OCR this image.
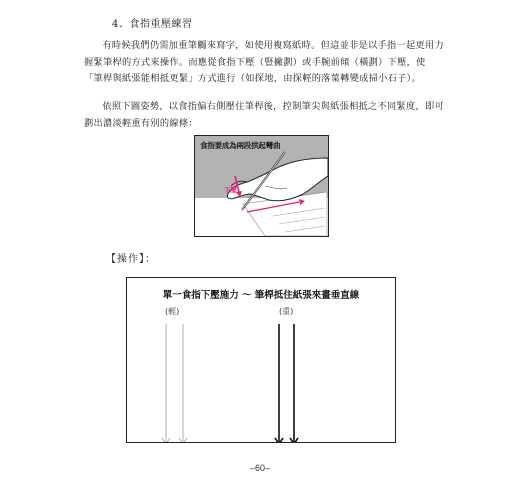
4、食指重壓練習
有時候我們仍需加重筆觸來寫字，如使用複寫紙時。但這並非是以手指一起更用力握緊筆桿的方式來操作。而應從食指下壓（豎撇劃）或手腕前傾（橫劃）下壓，使「筆桿與紙張能相抵更緊」方式進行（如探地，由探輕的落葉轉變成掃小石子）。
依照下圖姿勢，以食指偏右側壓住筆桿後，控制筆尖與紙張相抵之不同緊度，即可劃出濃淡輕重有別的線條：
食指要成為兩段拱起彎曲
下壓
【操作】：
單一食指下壓施力 ～ 筆桿抵住紙張來畫垂直線
(輕)	(重)
–60–
